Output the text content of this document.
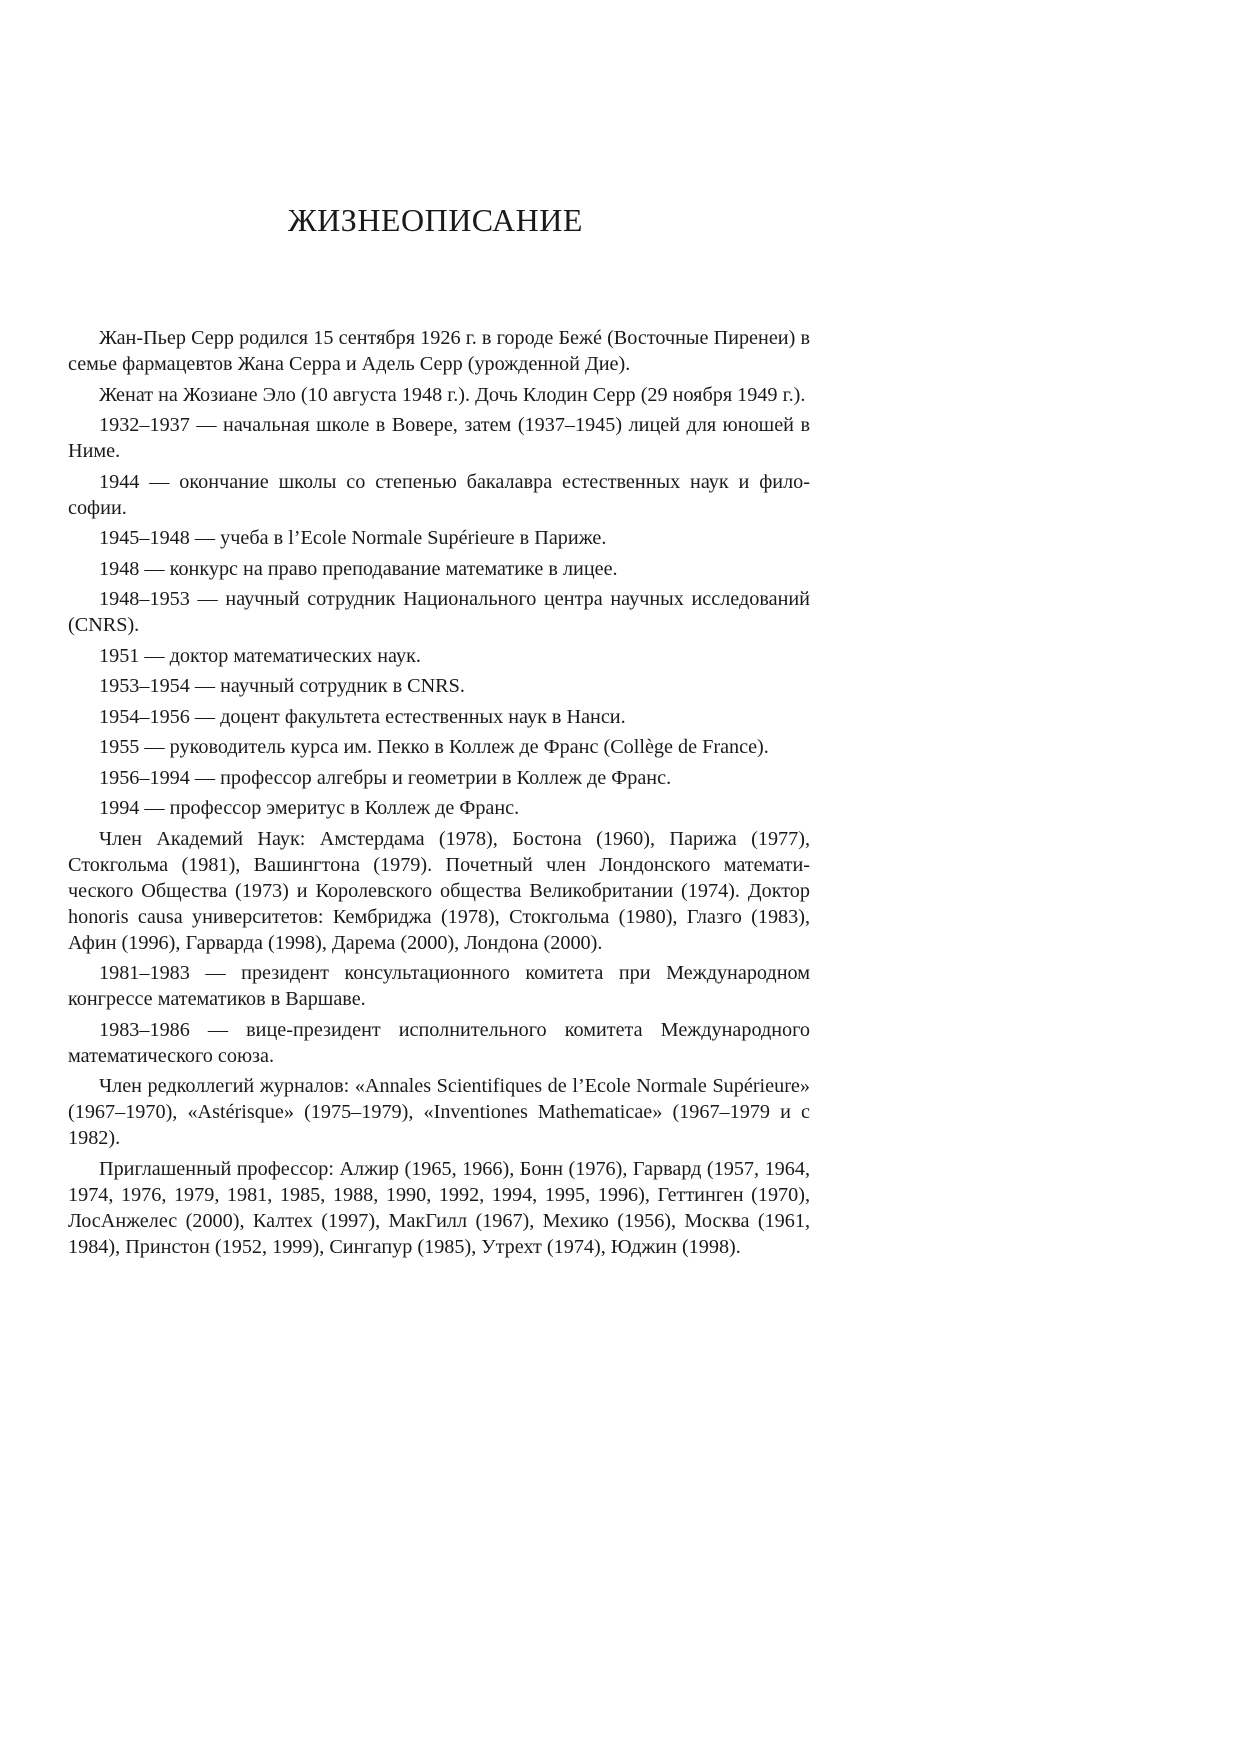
ЖИЗНЕОПИСАНИЕ

Жан-Пьер Серр родился 15 сентября 1926 г. в городе Бежé (Восточные Пиренеи) в семье фармацевтов Жана Серра и Адель Серр (урожденной Дие).

Женат на Жозиане Эло (10 августа 1948 г.). Дочь Клодин Серр (29 ноября 1949 г.).

1932–1937 — начальная школе в Вовере, затем (1937–1945) лицей для юношей в Ниме.

1944 — окончание школы со степенью бакалавра естественных наук и философии.

1945–1948 — учеба в l’Ecole Normale Supérieure в Париже.

1948 — конкурс на право преподавание математике в лицее.

1948–1953 — научный сотрудник Национального центра научных исследований (CNRS).

1951 — доктор математических наук.

1953–1954 — научный сотрудник в CNRS.

1954–1956 — доцент факультета естественных наук в Нанси.

1955 — руководитель курса им. Пекко в Коллеж де Франс (Collège de France).

1956–1994 — профессор алгебры и геометрии в Коллеж де Франс.

1994 — профессор эмеритус в Коллеж де Франс.

Член Академий Наук: Амстердама (1978), Бостона (1960), Парижа (1977), Стокгольма (1981), Вашингтона (1979). Почетный член Лондонского математического Общества (1973) и Королевского общества Великобритании (1974). Доктор honoris causa университетов: Кембриджа (1978), Стокгольма (1980), Глазго (1983), Афин (1996), Гарварда (1998), Дарема (2000), Лондона (2000).

1981–1983 — президент консультационного комитета при Международном конгрессе математиков в Варшаве.

1983–1986 — вице-президент исполнительного комитета Международного математического союза.

Член редколлегий журналов: «Annales Scientifiques de l’Ecole Normale Supérieure» (1967–1970), «Astérisque» (1975–1979), «Inventiones Mathematicae» (1967–1979 и с 1982).

Приглашенный профессор: Алжир (1965, 1966), Бонн (1976), Гарвард (1957, 1964, 1974, 1976, 1979, 1981, 1985, 1988, 1990, 1992, 1994, 1995, 1996), Геттинген (1970), ЛосАнжелес (2000), Калтех (1997), МакГилл (1967), Мехико (1956), Москва (1961, 1984), Принстон (1952, 1999), Сингапур (1985), Утрехт (1974), Юджин (1998).
